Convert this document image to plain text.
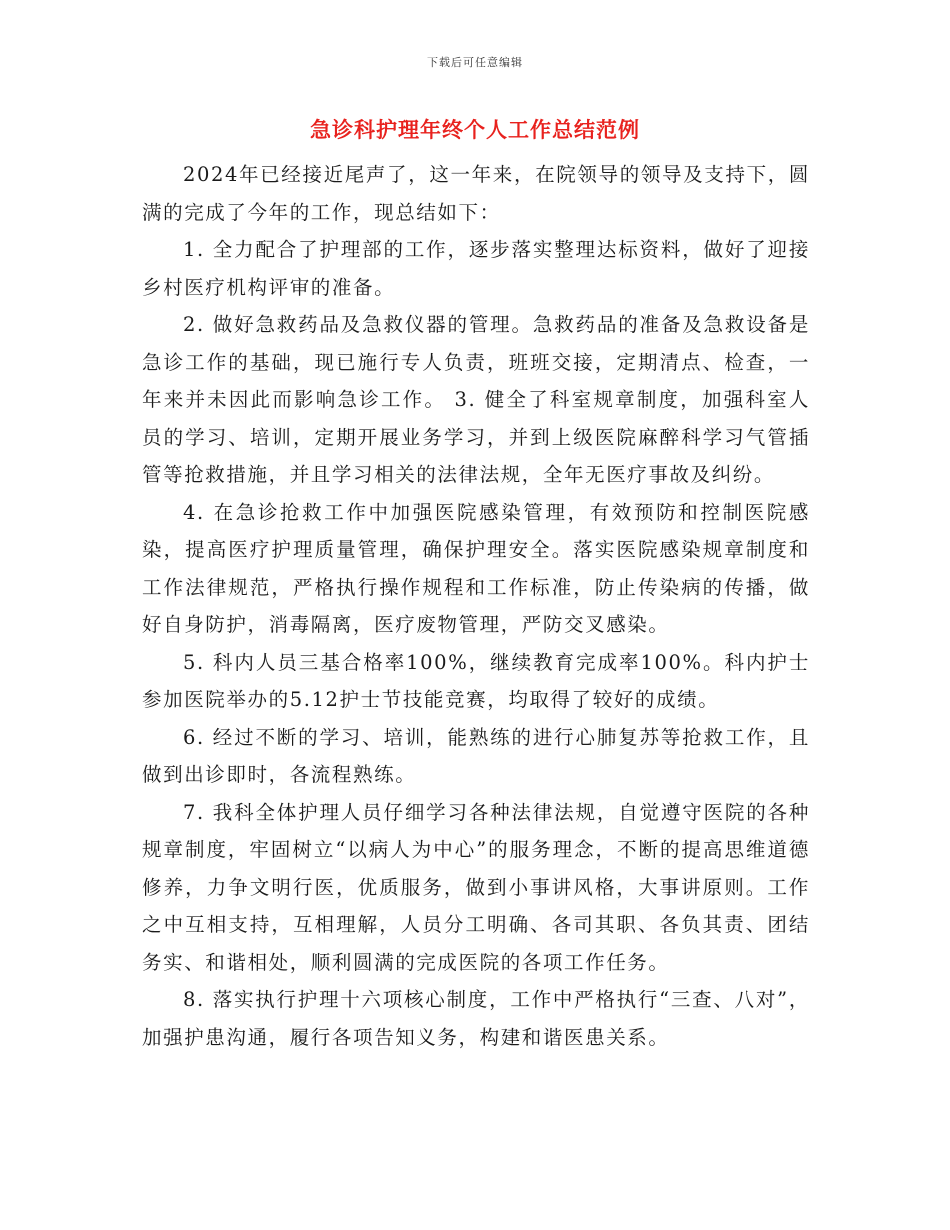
下载后可任意编辑
急诊科护理年终个人工作总结范例

2024年已经接近尾声了，这一年来，在院领导的领导及支持下，圆满的完成了今年的工作，现总结如下：

1. 全力配合了护理部的工作，逐步落实整理达标资料，做好了迎接乡村医疗机构评审的准备。

2. 做好急救药品及急救仪器的管理。急救药品的准备及急救设备是急诊工作的基础，现已施行专人负责，班班交接，定期清点、检查，一年来并未因此而影响急诊工作。 3. 健全了科室规章制度，加强科室人员的学习、培训，定期开展业务学习，并到上级医院麻醉科学习气管插管等抢救措施，并且学习相关的法律法规，全年无医疗事故及纠纷。

4. 在急诊抢救工作中加强医院感染管理，有效预防和控制医院感染，提高医疗护理质量管理，确保护理安全。落实医院感染规章制度和工作法律规范，严格执行操作规程和工作标准，防止传染病的传播，做好自身防护，消毒隔离，医疗废物管理，严防交叉感染。

5. 科内人员三基合格率100%，继续教育完成率100%。科内护士参加医院举办的5.12护士节技能竞赛，均取得了较好的成绩。

6. 经过不断的学习、培训，能熟练的进行心肺复苏等抢救工作，且做到出诊即时，各流程熟练。

7. 我科全体护理人员仔细学习各种法律法规，自觉遵守医院的各种规章制度，牢固树立“以病人为中心”的服务理念，不断的提高思维道德修养，力争文明行医，优质服务，做到小事讲风格，大事讲原则。工作之中互相支持，互相理解，人员分工明确、各司其职、各负其责、团结务实、和谐相处，顺利圆满的完成医院的各项工作任务。

8. 落实执行护理十六项核心制度，工作中严格执行“三查、八对”，加强护患沟通，履行各项告知义务，构建和谐医患关系。
